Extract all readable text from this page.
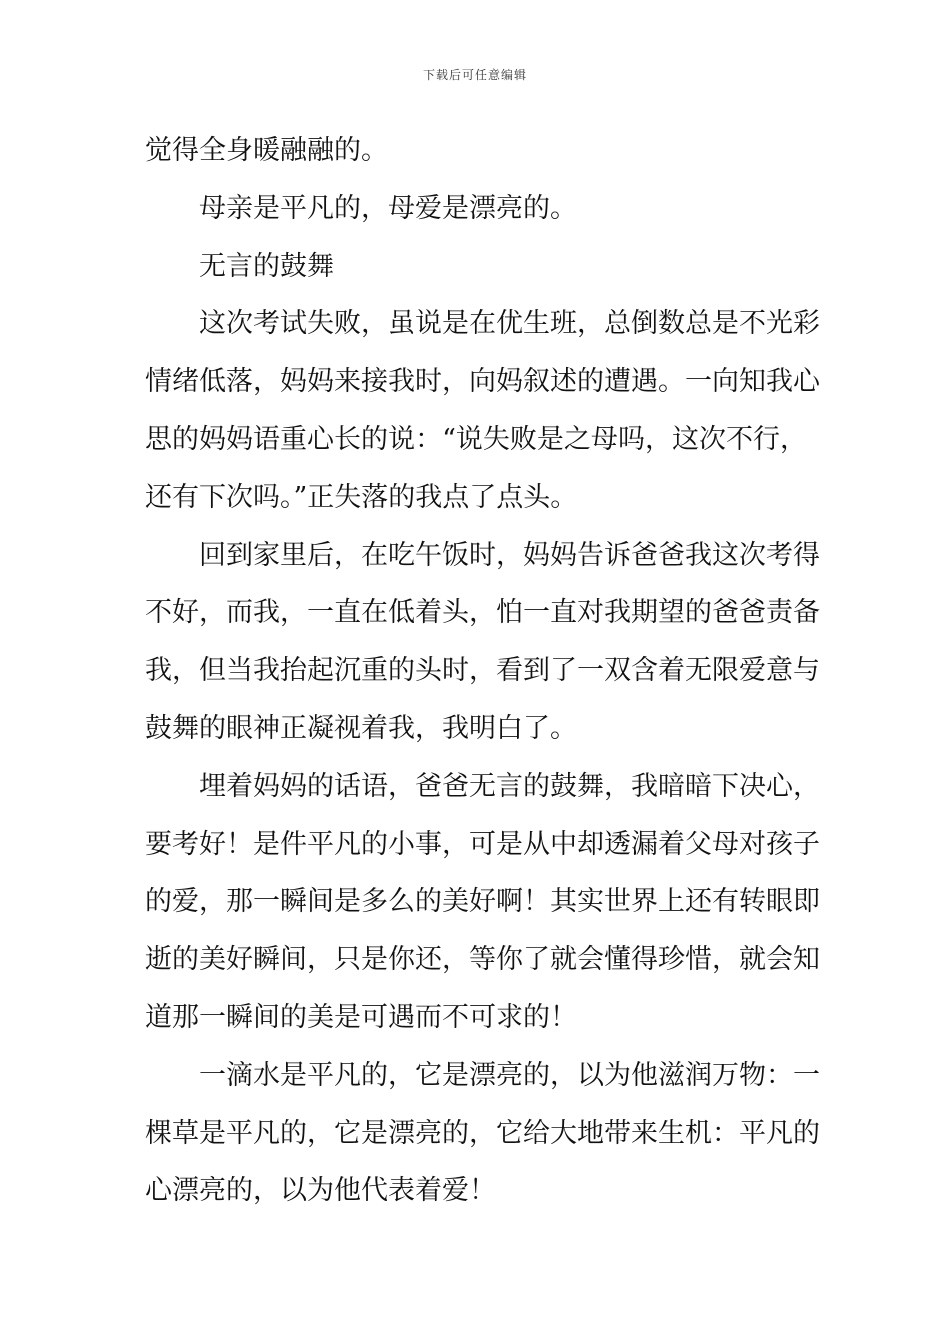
下载后可任意编辑
觉得全身暖融融的。
母亲是平凡的，母爱是漂亮的。
无言的鼓舞
这次考试失败，虽说是在优生班，总倒数总是不光彩
情绪低落，妈妈来接我时，向妈叙述的遭遇。一向知我心
思的妈妈语重心长的说：“说失败是之母吗，这次不行，
还有下次吗。”正失落的我点了点头。
回到家里后，在吃午饭时，妈妈告诉爸爸我这次考得
不好，而我，一直在低着头，怕一直对我期望的爸爸责备
我，但当我抬起沉重的头时，看到了一双含着无限爱意与
鼓舞的眼神正凝视着我，我明白了。
埋着妈妈的话语，爸爸无言的鼓舞，我暗暗下决心，
要考好！是件平凡的小事，可是从中却透漏着父母对孩子
的爱，那一瞬间是多么的美好啊！其实世界上还有转眼即
逝的美好瞬间，只是你还，等你了就会懂得珍惜，就会知
道那一瞬间的美是可遇而不可求的！
一滴水是平凡的，它是漂亮的，以为他滋润万物：一
棵草是平凡的，它是漂亮的，它给大地带来生机：平凡的
心漂亮的，以为他代表着爱！
